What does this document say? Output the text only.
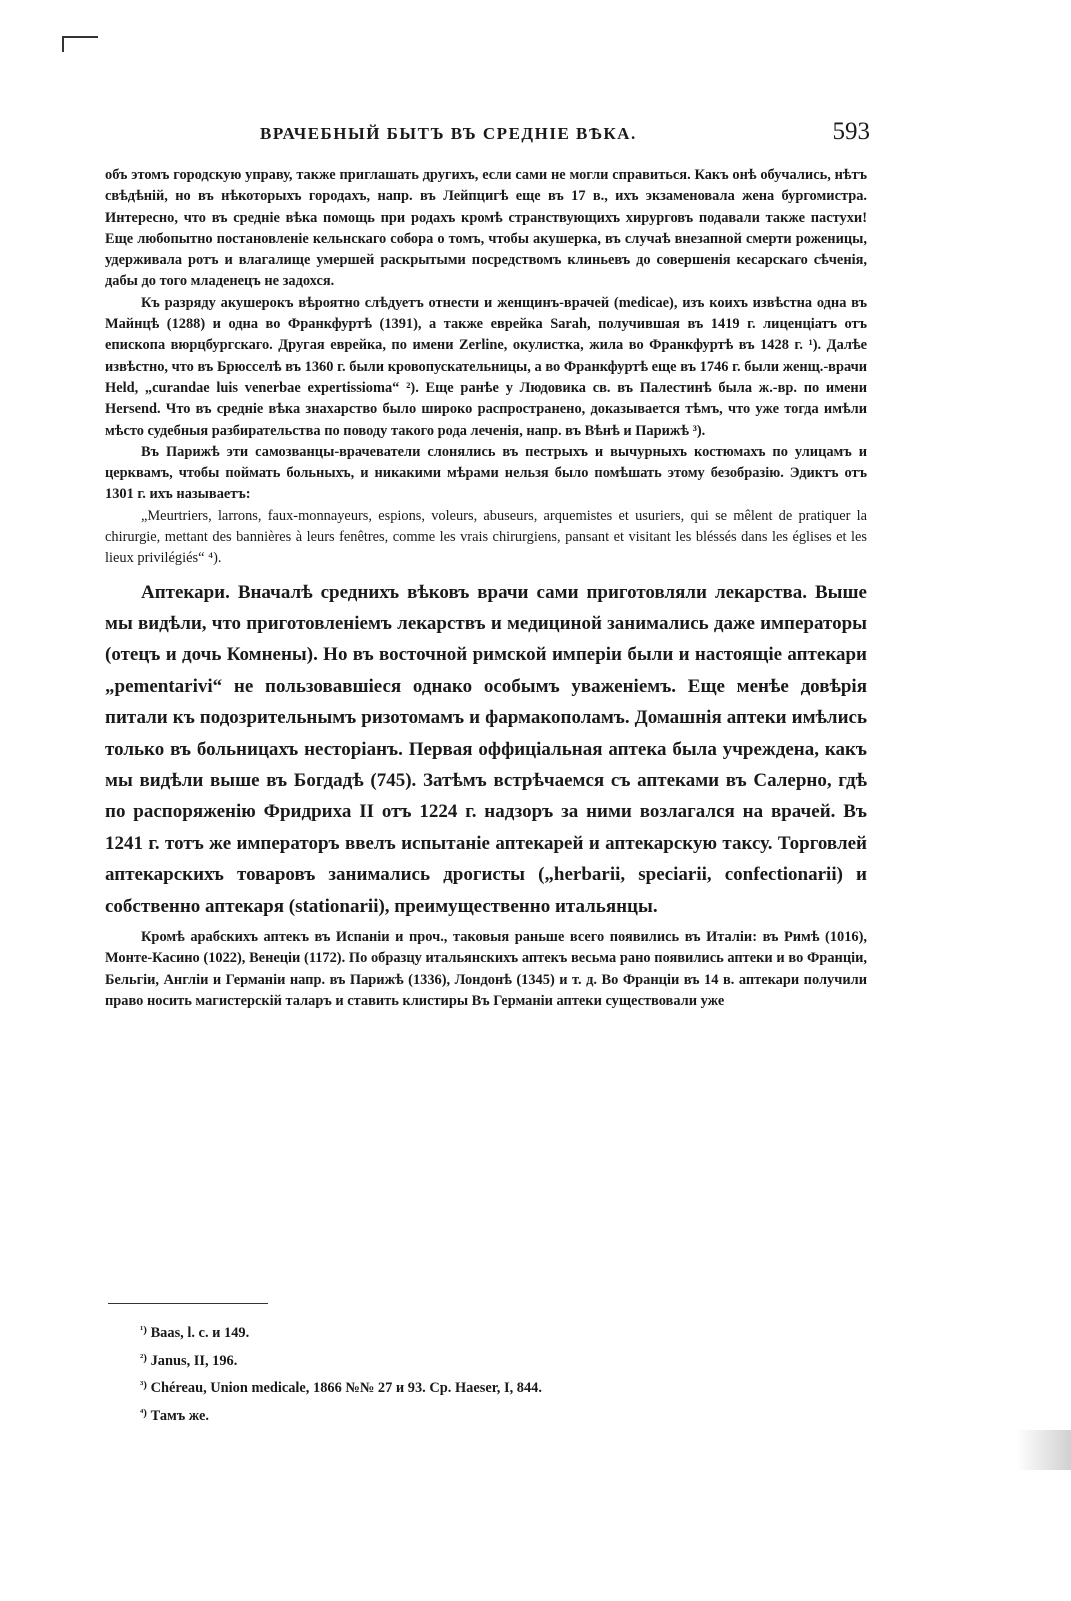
ВРАЧЕБНЫЙ БЫТЪ ВЪ СРЕДНІЕ ВѢКА.	593

объ этомъ городскую управу, также приглашать другихъ, если сами не могли справиться. Какъ онѣ обучались, нѣтъ свѣдѣній, но въ нѣкоторыхъ городахъ, напр. въ Лейпцигѣ еще въ 17 в., ихъ экзаменовала жена бургомистра. Интересно, что въ средніе вѣка помощь при родахъ кромѣ странствующихъ хирурговъ подавали также пастухи! Еще любопытно постановленіе кельнскаго собора о томъ, чтобы акушерка, въ случаѣ внезапной смерти роженицы, удерживала ротъ и влагалище умершей раскрытыми посредствомъ клиньевъ до совершенія кесарскаго сѣченія, дабы до того младенецъ не задохся.

Къ разряду акушерокъ вѣроятно слѣдуетъ отнести и женщинъ-врачей (medicae), изъ коихъ извѣстна одна въ Майнцѣ (1288) и одна во Франкфуртѣ (1391), а также еврейка Sarah, получившая въ 1419 г. лиценціатъ отъ епископа вюрцбургскаго. Другая еврейка, по имени Zerline, окулистка, жила во Франкфуртѣ въ 1428 г. ¹). Далѣе извѣстно, что въ Брюсселѣ въ 1360 г. были кровопускательницы, а во Франкфуртѣ еще въ 1746 г. были женщ.-врачи Held, „curandae luis venerbae expertissioma“ ²). Еще ранѣе у Людовика св. въ Палестинѣ была ж.-вр. по имени Hersend. Что въ средніе вѣка знахарство было широко распространено, доказывается тѣмъ, что уже тогда имѣли мѣсто судебныя разбирательства по поводу такого рода леченія, напр. въ Вѣнѣ и Парижѣ ³).

Въ Парижѣ эти самозванцы-врачеватели слонялись въ пестрыхъ и вычурныхъ костюмахъ по улицамъ и церквамъ, чтобы поймать больныхъ, и никакими мѣрами нельзя было помѣшать этому безобразію. Эдиктъ отъ 1301 г. ихъ называетъ:

„Meurtriers, larrons, faux-monnayeurs, espions, voleurs, abuseurs, arquemistes et usuriers, qui se mêlent de pratiquer la chirurgie, mettant des bannières à leurs fenêtres, comme les vrais chirurgiens, pansant et visitant les bléssés dans les églises et les lieux privilégiés“ ⁴).

Аптекари. Вначалѣ среднихъ вѣковъ врачи сами приготовляли лекарства. Выше мы видѣли, что приготовленіемъ лекарствъ и медициной занимались даже императоры (отецъ и дочь Комнены). Но въ восточной римской имперіи были и настоящіе аптекари „pementarivi“ не пользовавшіеся однако особымъ уваженіемъ. Еще менѣе довѣрія питали къ подозрительнымъ ризотомамъ и фармакополамъ. Домашнія аптеки имѣлись только въ больницахъ несторіанъ. Первая оффиціальная аптека была учреждена, какъ мы видѣли выше въ Богдадѣ (745). Затѣмъ встрѣчаемся съ аптеками въ Салерно, гдѣ по распоряженію Фридриха II отъ 1224 г. надзоръ за ними возлагался на врачей. Въ 1241 г. тотъ же императоръ ввелъ испытаніе аптекарей и аптекарскую таксу. Торговлей аптекарскихъ товаровъ занимались дрогисты („herbarii, speciarii, confectionarii) и собственно аптекаря (stationarii), преимущественно итальянцы.

Кромѣ арабскихъ аптекъ въ Испаніи и проч., таковыя раньше всего появились въ Италіи: въ Римѣ (1016), Монте-Касино (1022), Венеціи (1172). По образцу итальянскихъ аптекъ весьма рано появились аптеки и во Франціи, Бельгіи, Англіи и Германіи напр. въ Парижѣ (1336), Лондонѣ (1345) и т. д. Во Франціи въ 14 в. аптекари получили право носить магистерскій таларъ и ставить клистиры Въ Германіи аптеки существовали уже

$^{^1)}$ Baas, l. c. и 149.

$^{^2)}$ Janus, II, 196.

$^{^3)}$ Chéreau, Union medicale, 1866 №№ 27 и 93. Ср. Haeser, I, 844.

$^{^4)}$ Тамъ же.
